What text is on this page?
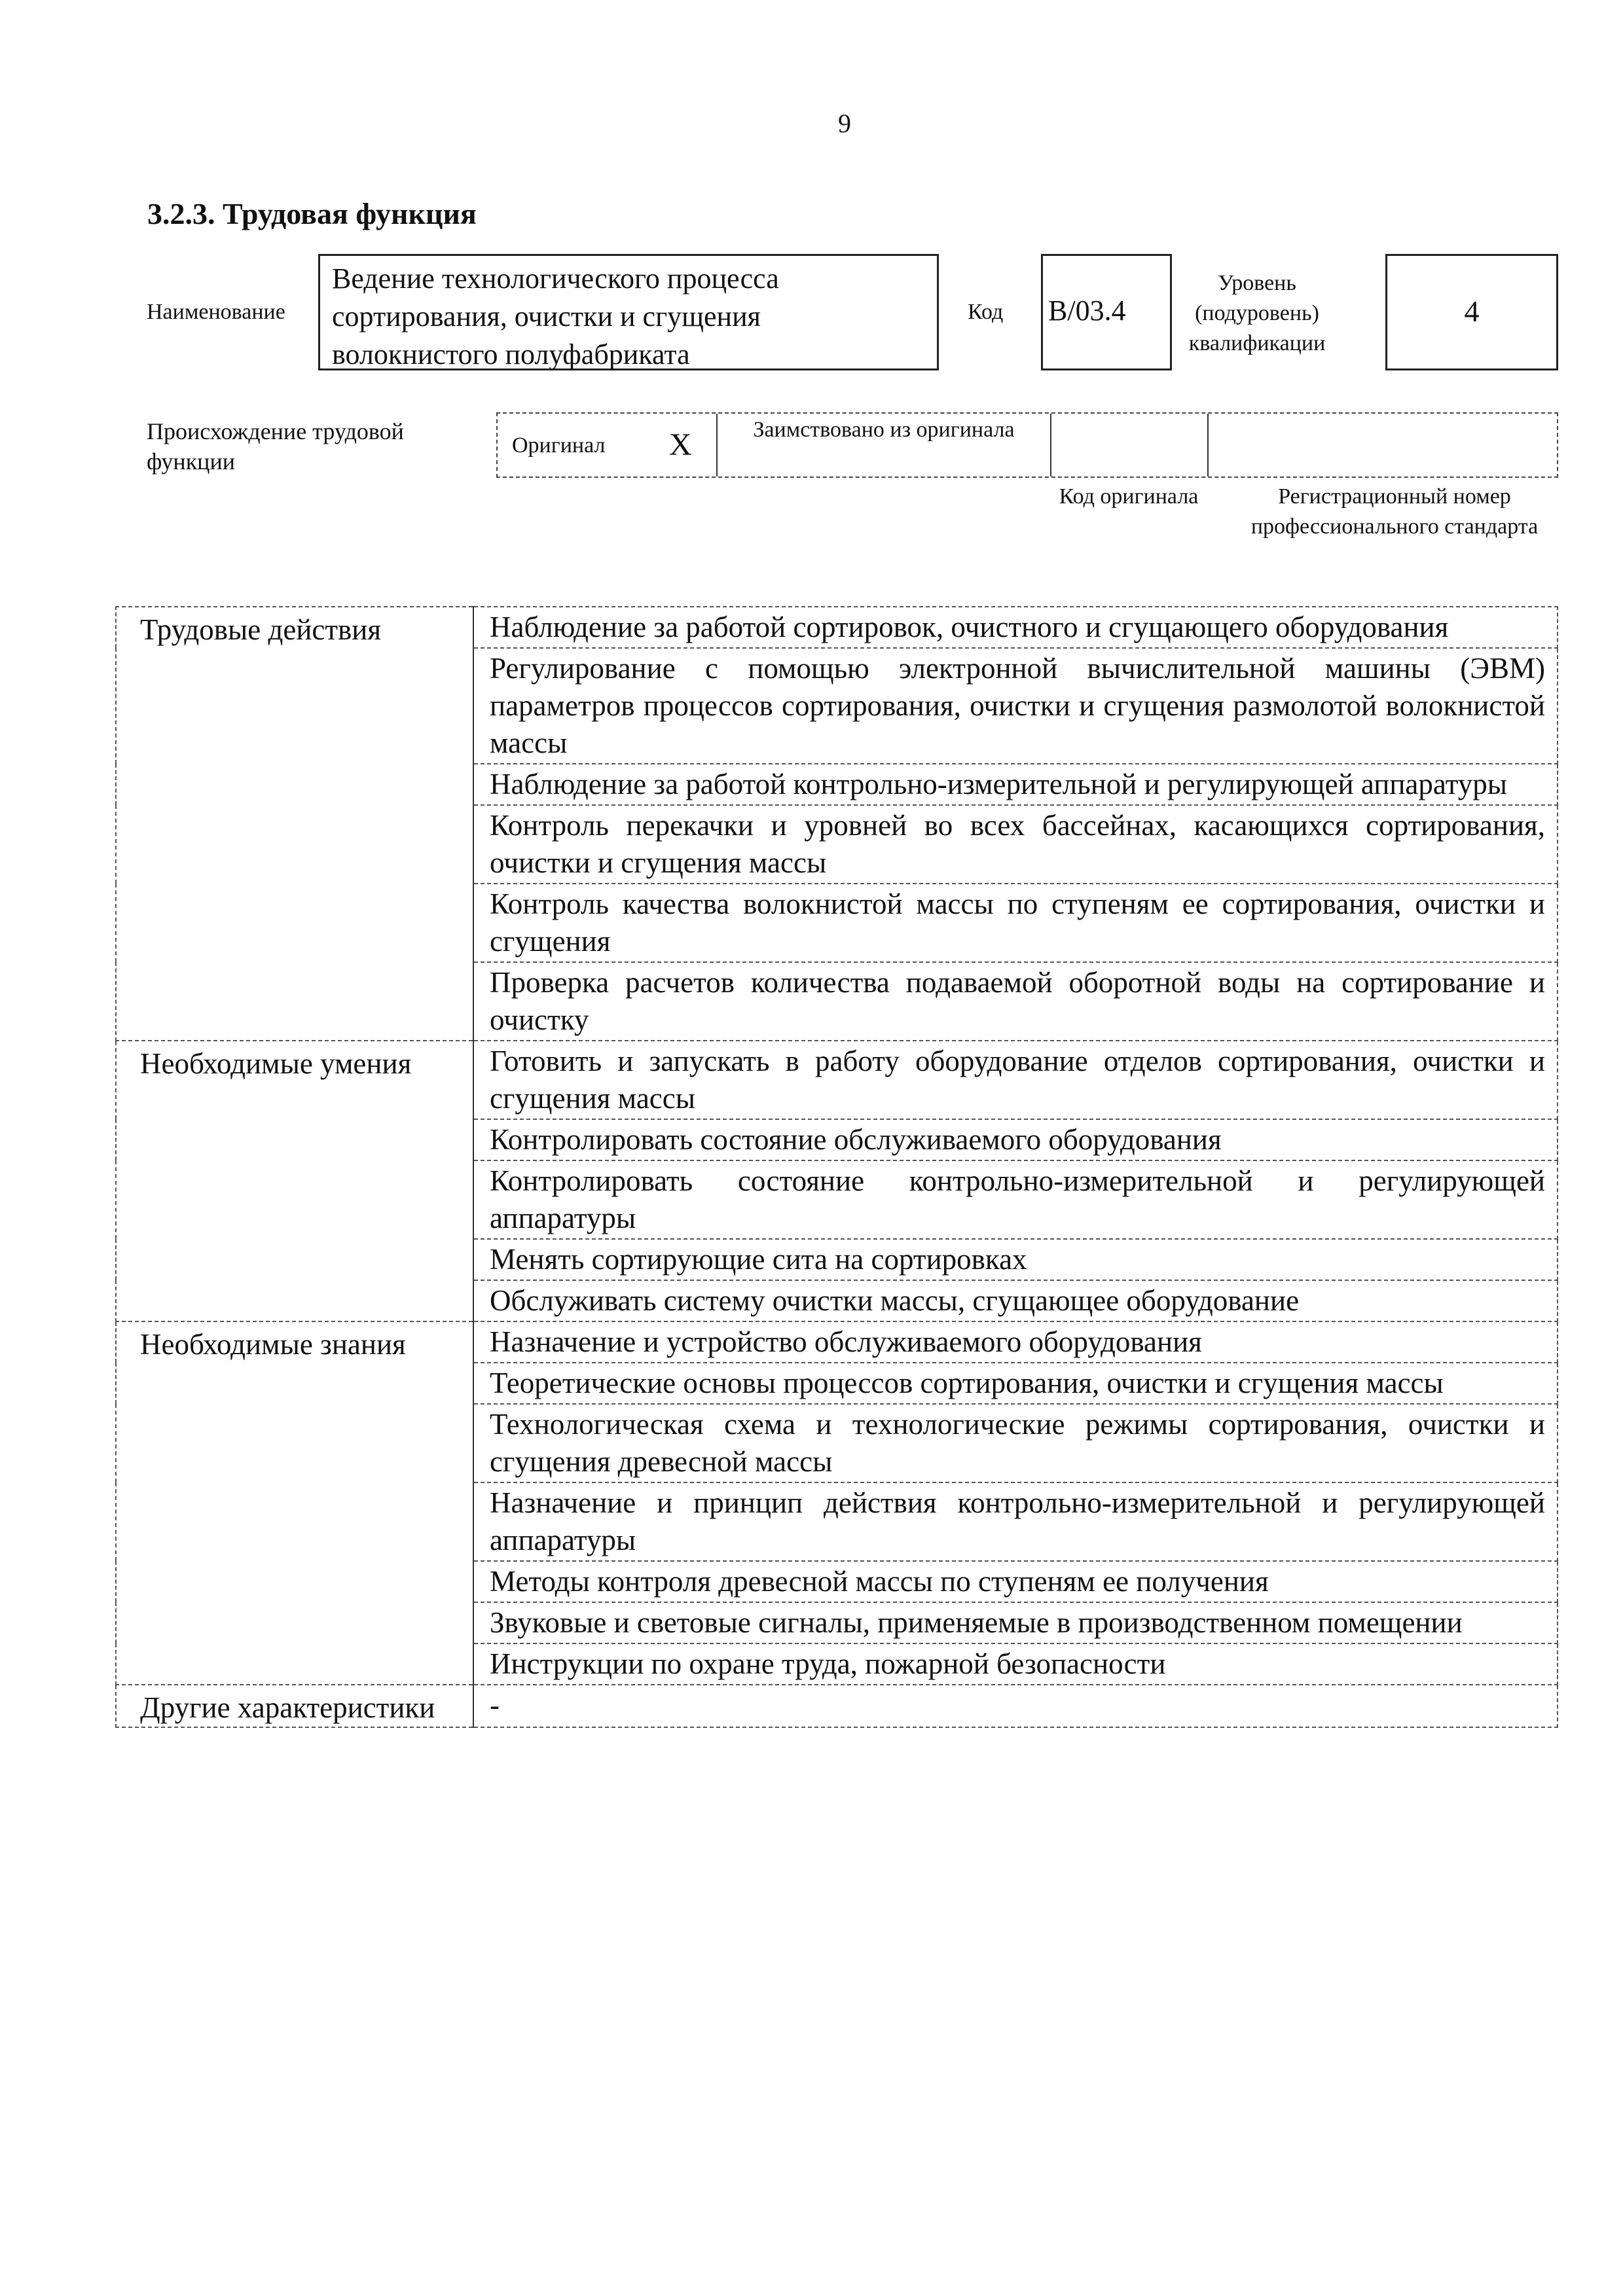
9
3.2.3. Трудовая функция
Наименование
Ведение технологического процесса сортирования, очистки и сгущения волокнистого полуфабриката
Код B/03.4
Уровень (подуровень) квалификации
4
Происхождение трудовой функции
Оригинал X	Заимствовано из оригинала
Код оригинала	Регистрационный номер профессионального стандарта
Трудовые действия	Наблюдение за работой сортировок, очистного и сгущающего оборудования

	Регулирование с помощью электронной вычислительной машины (ЭВМ) параметров процессов сортирования, очистки и сгущения размолотой волокнистой массы

	Наблюдение за работой контрольно-измерительной и регулирующей аппаратуры

	Контроль перекачки и уровней во всех бассейнах, касающихся сортирования, очистки и сгущения массы

	Контроль качества волокнистой массы по ступеням ее сортирования, очистки и сгущения

	Проверка расчетов количества подаваемой оборотной воды на сортирование и очистку

Необходимые умения	Готовить и запускать в работу оборудование отделов сортирования, очистки и сгущения массы

	Контролировать состояние обслуживаемого оборудования

	Контролировать состояние контрольно-измерительной и регулирующей аппаратуры

	Менять сортирующие сита на сортировках

	Обслуживать систему очистки массы, сгущающее оборудование

Необходимые знания	Назначение и устройство обслуживаемого оборудования

	Теоретические основы процессов сортирования, очистки и сгущения массы

	Технологическая схема и технологические режимы сортирования, очистки и сгущения древесной массы

	Назначение и принцип действия контрольно-измерительной и регулирующей аппаратуры

	Методы контроля древесной массы по ступеням ее получения

	Звуковые и световые сигналы, применяемые в производственном помещении

	Инструкции по охране труда, пожарной безопасности

Другие характеристики	-
